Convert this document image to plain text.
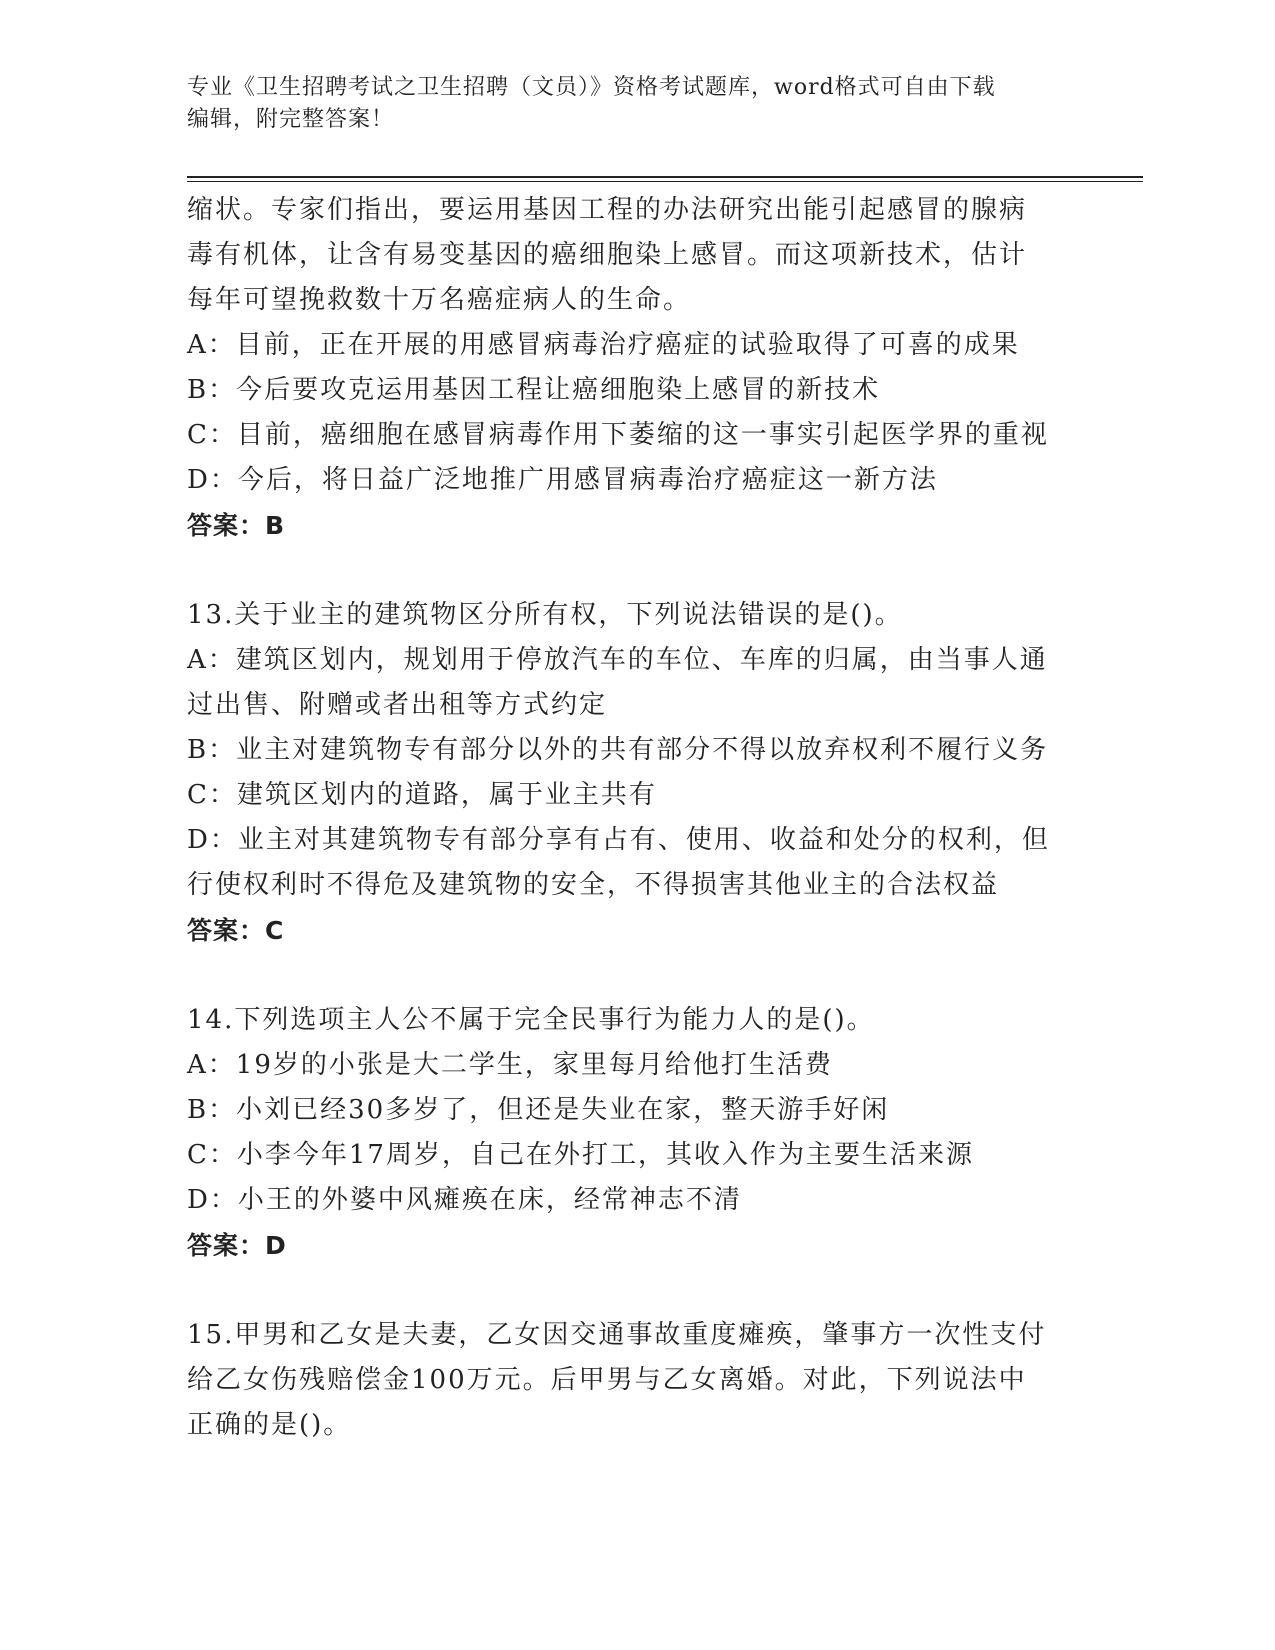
专业《卫生招聘考试之卫生招聘（文员）》资格考试题库，word格式可自由下载
编辑，附完整答案！
缩状。专家们指出，要运用基因工程的办法研究出能引起感冒的腺病
毒有机体，让含有易变基因的癌细胞染上感冒。而这项新技术，估计
每年可望挽救数十万名癌症病人的生命。
A：目前，正在开展的用感冒病毒治疗癌症的试验取得了可喜的成果
B：今后要攻克运用基因工程让癌细胞染上感冒的新技术
C：目前，癌细胞在感冒病毒作用下萎缩的这一事实引起医学界的重视
D：今后，将日益广泛地推广用感冒病毒治疗癌症这一新方法
答案：B
13.关于业主的建筑物区分所有权，下列说法错误的是()。
A：建筑区划内，规划用于停放汽车的车位、车库的归属，由当事人通
过出售、附赠或者出租等方式约定
B：业主对建筑物专有部分以外的共有部分不得以放弃权利不履行义务
C：建筑区划内的道路，属于业主共有
D：业主对其建筑物专有部分享有占有、使用、收益和处分的权利，但
行使权利时不得危及建筑物的安全，不得损害其他业主的合法权益
答案：C
14.下列选项主人公不属于完全民事行为能力人的是()。
A：19岁的小张是大二学生，家里每月给他打生活费
B：小刘已经30多岁了，但还是失业在家，整天游手好闲
C：小李今年17周岁，自己在外打工，其收入作为主要生活来源
D：小王的外婆中风瘫痪在床，经常神志不清
答案：D
15.甲男和乙女是夫妻，乙女因交通事故重度瘫痪，肇事方一次性支付
给乙女伤残赔偿金100万元。后甲男与乙女离婚。对此，下列说法中
正确的是()。
